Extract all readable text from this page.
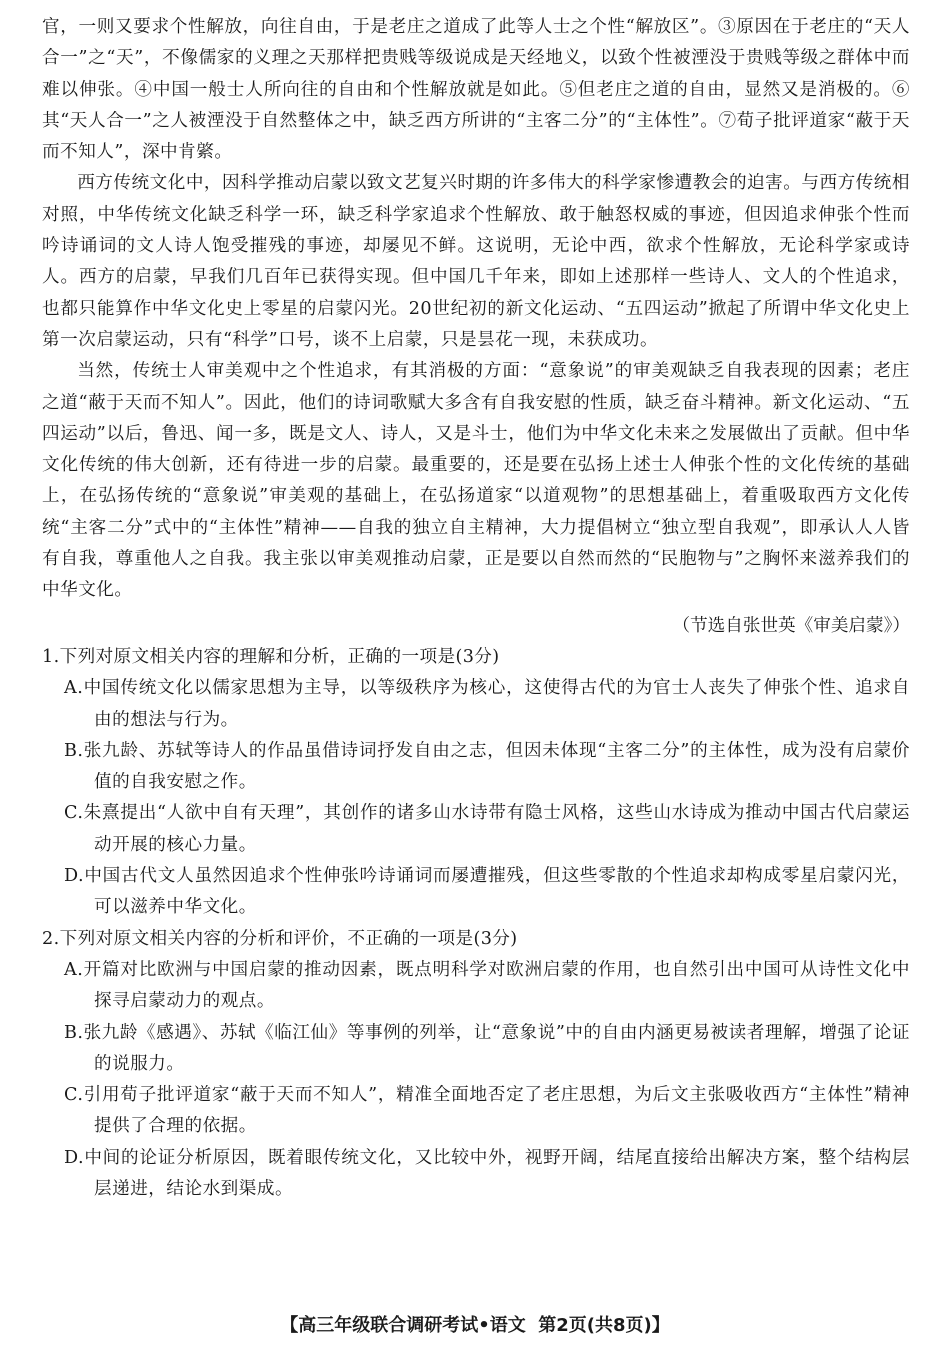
官，一则又要求个性解放，向往自由，于是老庄之道成了此等人士之个性“解放区”。③原因在于老庄的“天人合一”之“天”，不像儒家的义理之天那样把贵贱等级说成是天经地义，以致个性被湮没于贵贱等级之群体中而难以伸张。④中国一般士人所向往的自由和个性解放就是如此。⑤但老庄之道的自由，显然又是消极的。⑥其“天人合一”之人被湮没于自然整体之中，缺乏西方所讲的“主客二分”的“主体性”。⑦荀子批评道家“蔽于天而不知人”，深中肯綮。

西方传统文化中，因科学推动启蒙以致文艺复兴时期的许多伟大的科学家惨遭教会的迫害。与西方传统相对照，中华传统文化缺乏科学一环，缺乏科学家追求个性解放、敢于触怒权威的事迹，但因追求伸张个性而吟诗诵词的文人诗人饱受摧残的事迹，却屡见不鲜。这说明，无论中西，欲求个性解放，无论科学家或诗人。西方的启蒙，早我们几百年已获得实现。但中国几千年来，即如上述那样一些诗人、文人的个性追求，也都只能算作中华文化史上零星的启蒙闪光。20世纪初的新文化运动、“五四运动”掀起了所谓中华文化史上第一次启蒙运动，只有“科学”口号，谈不上启蒙，只是昙花一现，未获成功。

当然，传统士人审美观中之个性追求，有其消极的方面：“意象说”的审美观缺乏自我表现的因素；老庄之道“蔽于天而不知人”。因此，他们的诗词歌赋大多含有自我安慰的性质，缺乏奋斗精神。新文化运动、“五四运动”以后，鲁迅、闻一多，既是文人、诗人，又是斗士，他们为中华文化未来之发展做出了贡献。但中华文化传统的伟大创新，还有待进一步的启蒙。最重要的，还是要在弘扬上述士人伸张个性的文化传统的基础上，在弘扬传统的“意象说”审美观的基础上，在弘扬道家“以道观物”的思想基础上，着重吸取西方文化传统“主客二分”式中的“主体性”精神——自我的独立自主精神，大力提倡树立“独立型自我观”，即承认人人皆有自我，尊重他人之自我。我主张以审美观推动启蒙，正是要以自然而然的“民胞物与”之胸怀来滋养我们的中华文化。

（节选自张世英《审美启蒙》）

1.下列对原文相关内容的理解和分析，正确的一项是(3分)

A.中国传统文化以儒家思想为主导，以等级秩序为核心，这使得古代的为官士人丧失了伸张个性、追求自由的想法与行为。

B.张九龄、苏轼等诗人的作品虽借诗词抒发自由之志，但因未体现“主客二分”的主体性，成为没有启蒙价值的自我安慰之作。

C.朱熹提出“人欲中自有天理”，其创作的诸多山水诗带有隐士风格，这些山水诗成为推动中国古代启蒙运动开展的核心力量。

D.中国古代文人虽然因追求个性伸张吟诗诵词而屡遭摧残，但这些零散的个性追求却构成零星启蒙闪光，可以滋养中华文化。

2.下列对原文相关内容的分析和评价，不正确的一项是(3分)

A.开篇对比欧洲与中国启蒙的推动因素，既点明科学对欧洲启蒙的作用，也自然引出中国可从诗性文化中探寻启蒙动力的观点。

B.张九龄《感遇》、苏轼《临江仙》等事例的列举，让“意象说”中的自由内涵更易被读者理解，增强了论证的说服力。

C.引用荀子批评道家“蔽于天而不知人”，精准全面地否定了老庄思想，为后文主张吸收西方“主体性”精神提供了合理的依据。

D.中间的论证分析原因，既着眼传统文化，又比较中外，视野开阔，结尾直接给出解决方案，整个结构层层递进，结论水到渠成。

【高三年级联合调研考试•语文 第2页(共8页)】
